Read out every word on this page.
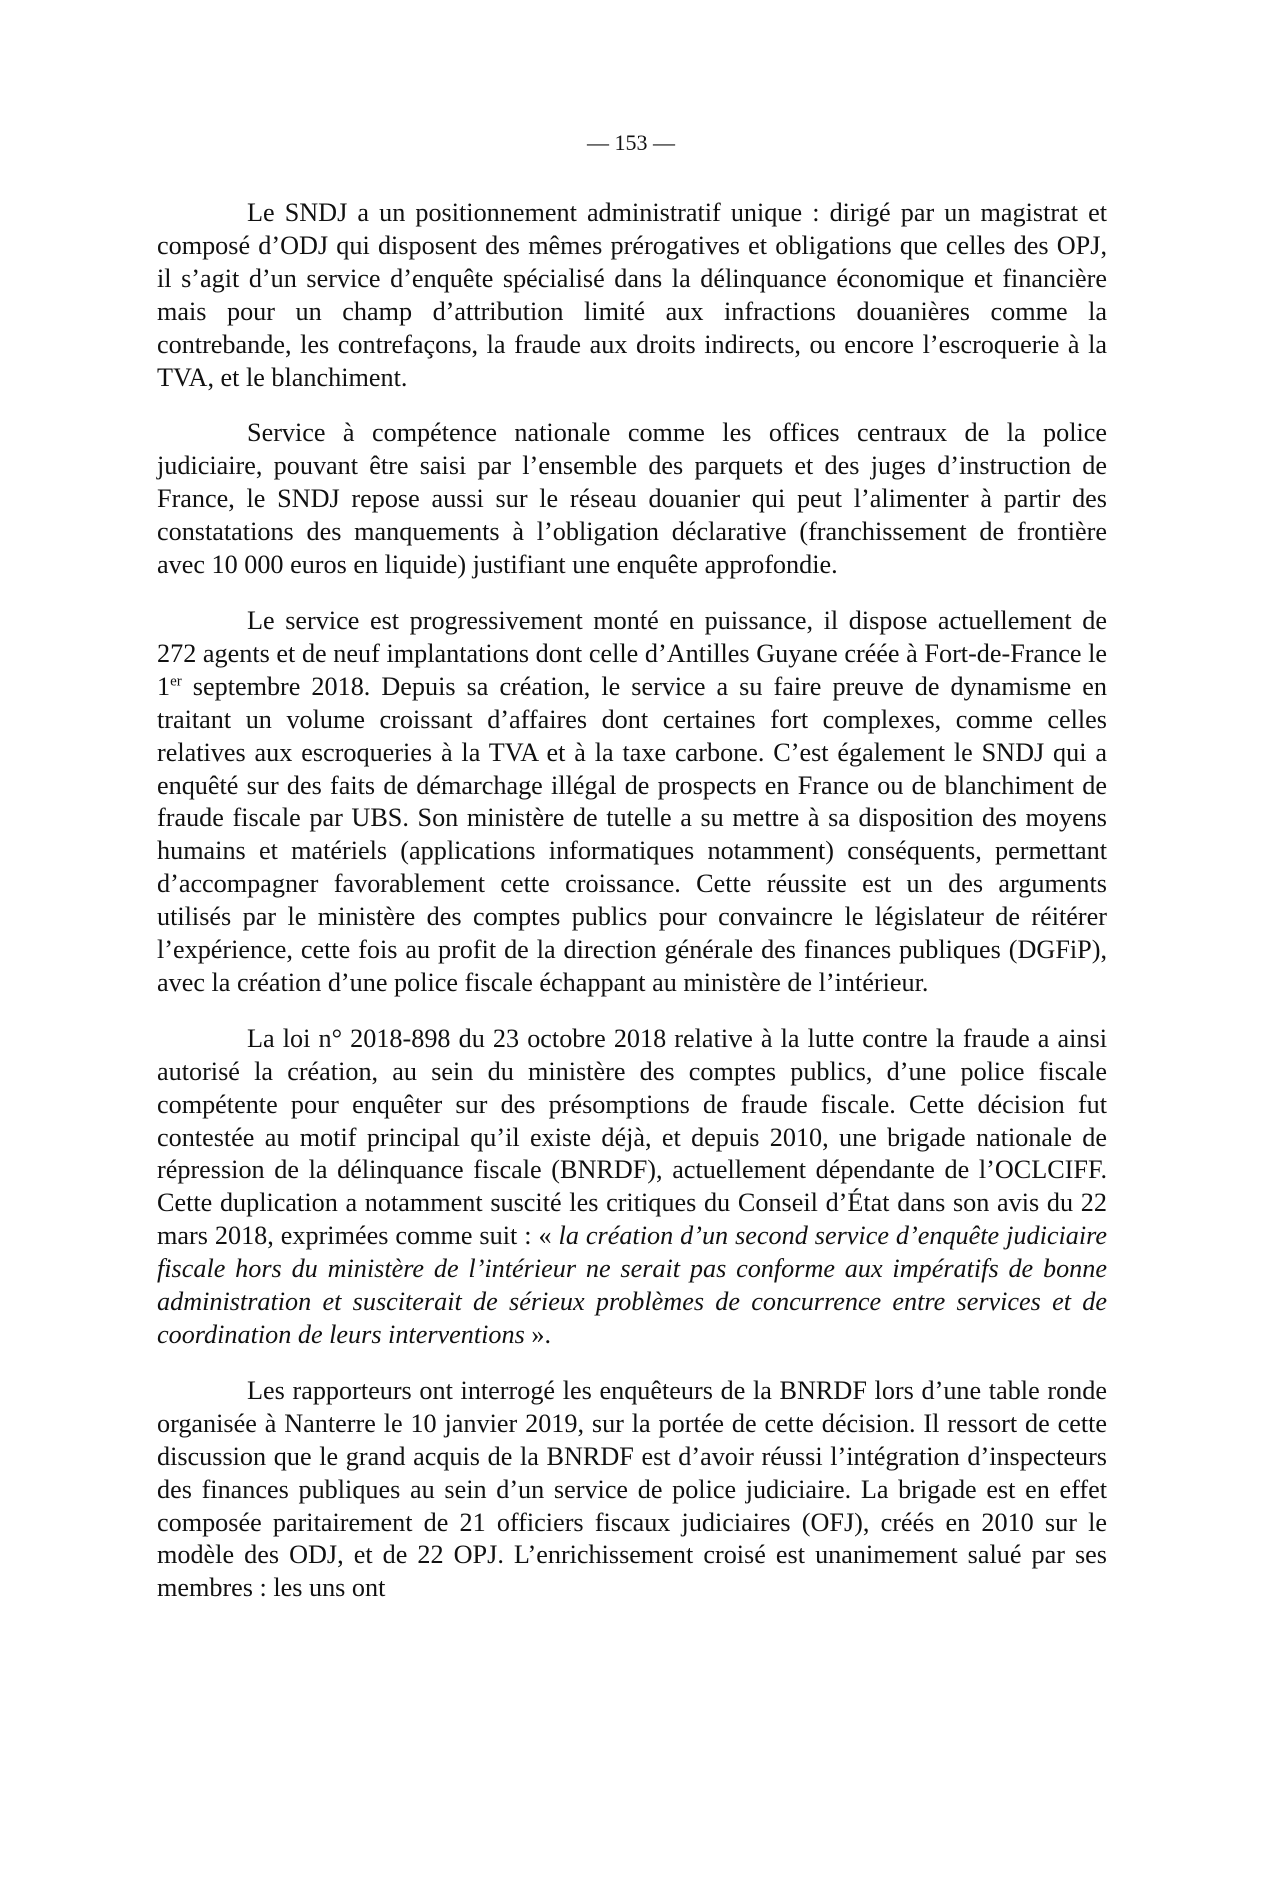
— 153 —

Le SNDJ a un positionnement administratif unique : dirigé par un magistrat et composé d’ODJ qui disposent des mêmes prérogatives et obligations que celles des OPJ, il s’agit d’un service d’enquête spécialisé dans la délinquance économique et financière mais pour un champ d’attribution limité aux infractions douanières comme la contrebande, les contrefaçons, la fraude aux droits indirects, ou encore l’escroquerie à la TVA, et le blanchiment.

Service à compétence nationale comme les offices centraux de la police judiciaire, pouvant être saisi par l’ensemble des parquets et des juges d’instruction de France, le SNDJ repose aussi sur le réseau douanier qui peut l’alimenter à partir des constatations des manquements à l’obligation déclarative (franchissement de frontière avec 10 000 euros en liquide) justifiant une enquête approfondie.

Le service est progressivement monté en puissance, il dispose actuellement de 272 agents et de neuf implantations dont celle d’Antilles Guyane créée à Fort-de-France le 1er septembre 2018. Depuis sa création, le service a su faire preuve de dynamisme en traitant un volume croissant d’affaires dont certaines fort complexes, comme celles relatives aux escroqueries à la TVA et à la taxe carbone. C’est également le SNDJ qui a enquêté sur des faits de démarchage illégal de prospects en France ou de blanchiment de fraude fiscale par UBS. Son ministère de tutelle a su mettre à sa disposition des moyens humains et matériels (applications informatiques notamment) conséquents, permettant d’accompagner favorablement cette croissance. Cette réussite est un des arguments utilisés par le ministère des comptes publics pour convaincre le législateur de réitérer l’expérience, cette fois au profit de la direction générale des finances publiques (DGFiP), avec la création d’une police fiscale échappant au ministère de l’intérieur.

La loi n° 2018-898 du 23 octobre 2018 relative à la lutte contre la fraude a ainsi autorisé la création, au sein du ministère des comptes publics, d’une police fiscale compétente pour enquêter sur des présomptions de fraude fiscale. Cette décision fut contestée au motif principal qu’il existe déjà, et depuis 2010, une brigade nationale de répression de la délinquance fiscale (BNRDF), actuellement dépendante de l’OCLCIFF. Cette duplication a notamment suscité les critiques du Conseil d’État dans son avis du 22 mars 2018, exprimées comme suit : « la création d’un second service d’enquête judiciaire fiscale hors du ministère de l’intérieur ne serait pas conforme aux impératifs de bonne administration et susciterait de sérieux problèmes de concurrence entre services et de coordination de leurs interventions ».

Les rapporteurs ont interrogé les enquêteurs de la BNRDF lors d’une table ronde organisée à Nanterre le 10 janvier 2019, sur la portée de cette décision. Il ressort de cette discussion que le grand acquis de la BNRDF est d’avoir réussi l’intégration d’inspecteurs des finances publiques au sein d’un service de police judiciaire. La brigade est en effet composée paritairement de 21 officiers fiscaux judiciaires (OFJ), créés en 2010 sur le modèle des ODJ, et de 22 OPJ. L’enrichissement croisé est unanimement salué par ses membres : les uns ont
